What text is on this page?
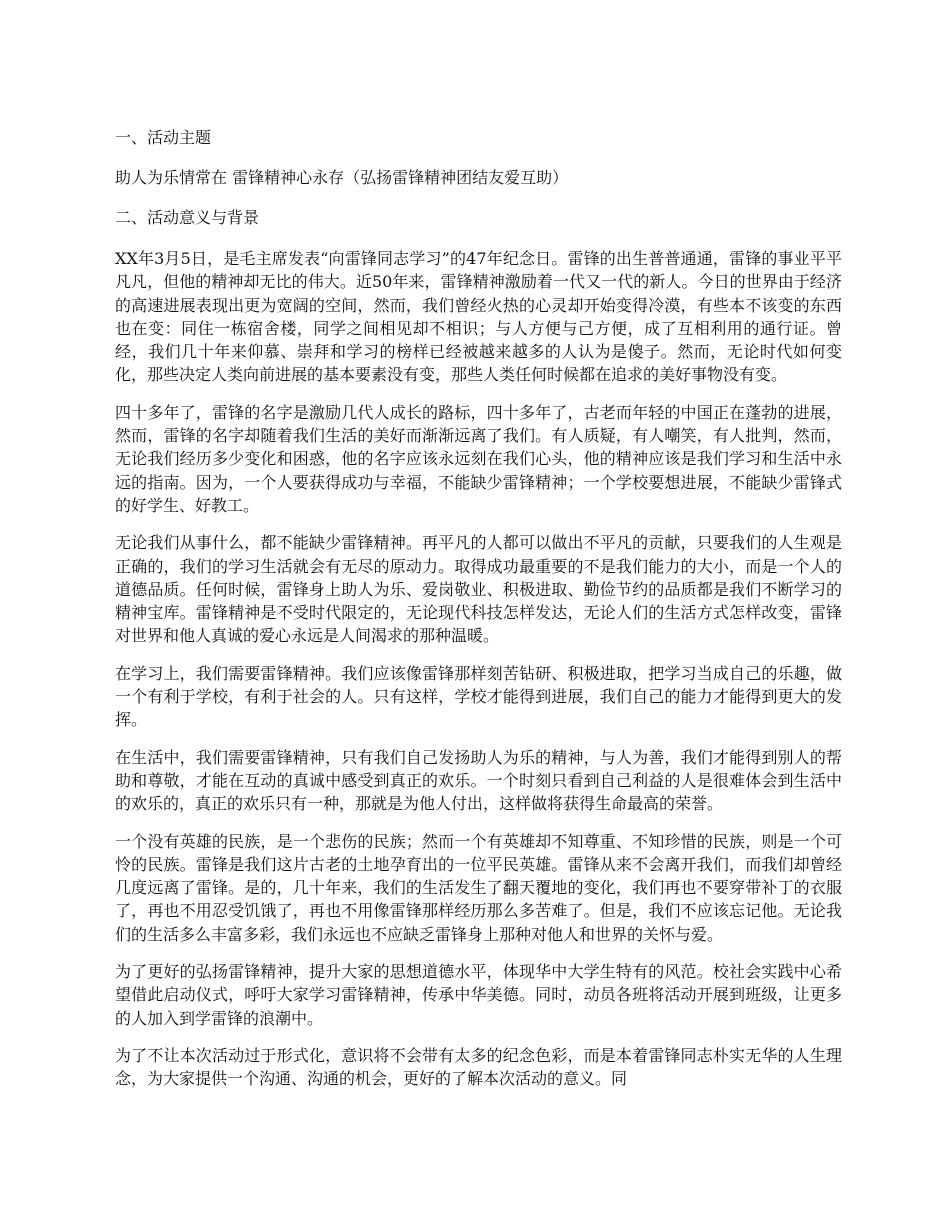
一、活动主题
助人为乐情常在 雷锋精神心永存（弘扬雷锋精神团结友爱互助）
二、活动意义与背景

XX年3月5日，是毛主席发表“向雷锋同志学习”的47年纪念日。雷锋的出生普普通通，雷锋的事业平平凡凡，但他的精神却无比的伟大。近50年来，雷锋精神激励着一代又一代的新人。今日的世界由于经济的高速进展表现出更为宽阔的空间，然而，我们曾经火热的心灵却开始变得冷漠，有些本不该变的东西也在变：同住一栋宿舍楼，同学之间相见却不相识；与人方便与己方便，成了互相利用的通行证。曾经，我们几十年来仰慕、崇拜和学习的榜样已经被越来越多的人认为是傻子。然而，无论时代如何变化，那些决定人类向前进展的基本要素没有变，那些人类任何时候都在追求的美好事物没有变。

四十多年了，雷锋的名字是激励几代人成长的路标，四十多年了，古老而年轻的中国正在蓬勃的进展，然而，雷锋的名字却随着我们生活的美好而渐渐远离了我们。有人质疑，有人嘲笑，有人批判，然而，无论我们经历多少变化和困惑，他的名字应该永远刻在我们心头，他的精神应该是我们学习和生活中永远的指南。因为，一个人要获得成功与幸福，不能缺少雷锋精神；一个学校要想进展，不能缺少雷锋式的好学生、好教工。

无论我们从事什么，都不能缺少雷锋精神。再平凡的人都可以做出不平凡的贡献，只要我们的人生观是正确的，我们的学习生活就会有无尽的原动力。取得成功最重要的不是我们能力的大小，而是一个人的道德品质。任何时候，雷锋身上助人为乐、爱岗敬业、积极进取、勤俭节约的品质都是我们不断学习的精神宝库。雷锋精神是不受时代限定的，无论现代科技怎样发达，无论人们的生活方式怎样改变，雷锋对世界和他人真诚的爱心永远是人间渴求的那种温暖。

在学习上，我们需要雷锋精神。我们应该像雷锋那样刻苦钻研、积极进取，把学习当成自己的乐趣，做一个有利于学校，有利于社会的人。只有这样，学校才能得到进展，我们自己的能力才能得到更大的发挥。

在生活中，我们需要雷锋精神，只有我们自己发扬助人为乐的精神，与人为善，我们才能得到别人的帮助和尊敬，才能在互动的真诚中感受到真正的欢乐。一个时刻只看到自己利益的人是很难体会到生活中的欢乐的，真正的欢乐只有一种，那就是为他人付出，这样做将获得生命最高的荣誉。

一个没有英雄的民族，是一个悲伤的民族；然而一个有英雄却不知尊重、不知珍惜的民族，则是一个可怜的民族。雷锋是我们这片古老的土地孕育出的一位平民英雄。雷锋从来不会离开我们，而我们却曾经几度远离了雷锋。是的，几十年来，我们的生活发生了翻天覆地的变化，我们再也不要穿带补丁的衣服了，再也不用忍受饥饿了，再也不用像雷锋那样经历那么多苦难了。但是，我们不应该忘记他。无论我们的生活多么丰富多彩，我们永远也不应缺乏雷锋身上那种对他人和世界的关怀与爱。

为了更好的弘扬雷锋精神，提升大家的思想道德水平，体现华中大学生特有的风范。校社会实践中心希望借此启动仪式，呼吁大家学习雷锋精神，传承中华美德。同时，动员各班将活动开展到班级，让更多的人加入到学雷锋的浪潮中。

为了不让本次活动过于形式化，意识将不会带有太多的纪念色彩，而是本着雷锋同志朴实无华的人生理念，为大家提供一个沟通、沟通的机会，更好的了解本次活动的意义。同
